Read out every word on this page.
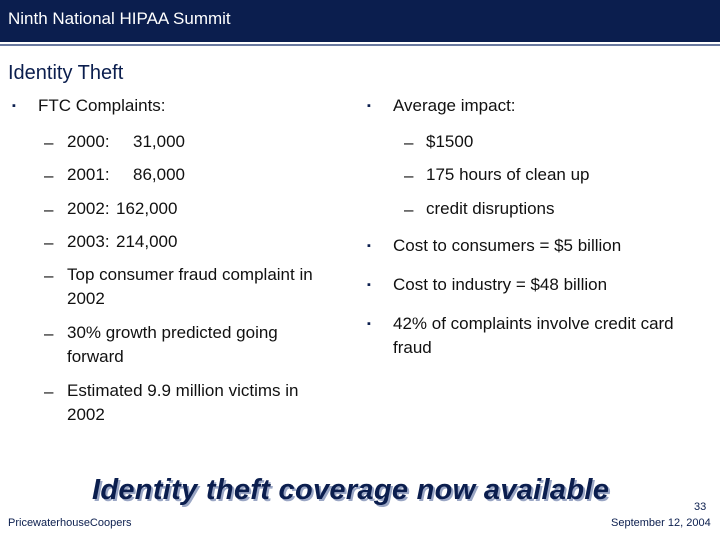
Ninth National HIPAA Summit
Identity Theft
▪ FTC Complaints:
– 2000: 31,000
– 2001: 86,000
– 2002: 162,000
– 2003: 214,000
– Top consumer fraud complaint in
2002
– 30% growth predicted going
forward
– Estimated 9.9 million victims in
2002
▪ Average impact:
– $1500
– 175 hours of clean up
– credit disruptions
▪ Cost to consumers = $5 billion
▪ Cost to industry = $48 billion
▪ 42% of complaints involve credit card
fraud
Identity theft coverage now available
PricewaterhouseCoopers
33
September 12, 2004
